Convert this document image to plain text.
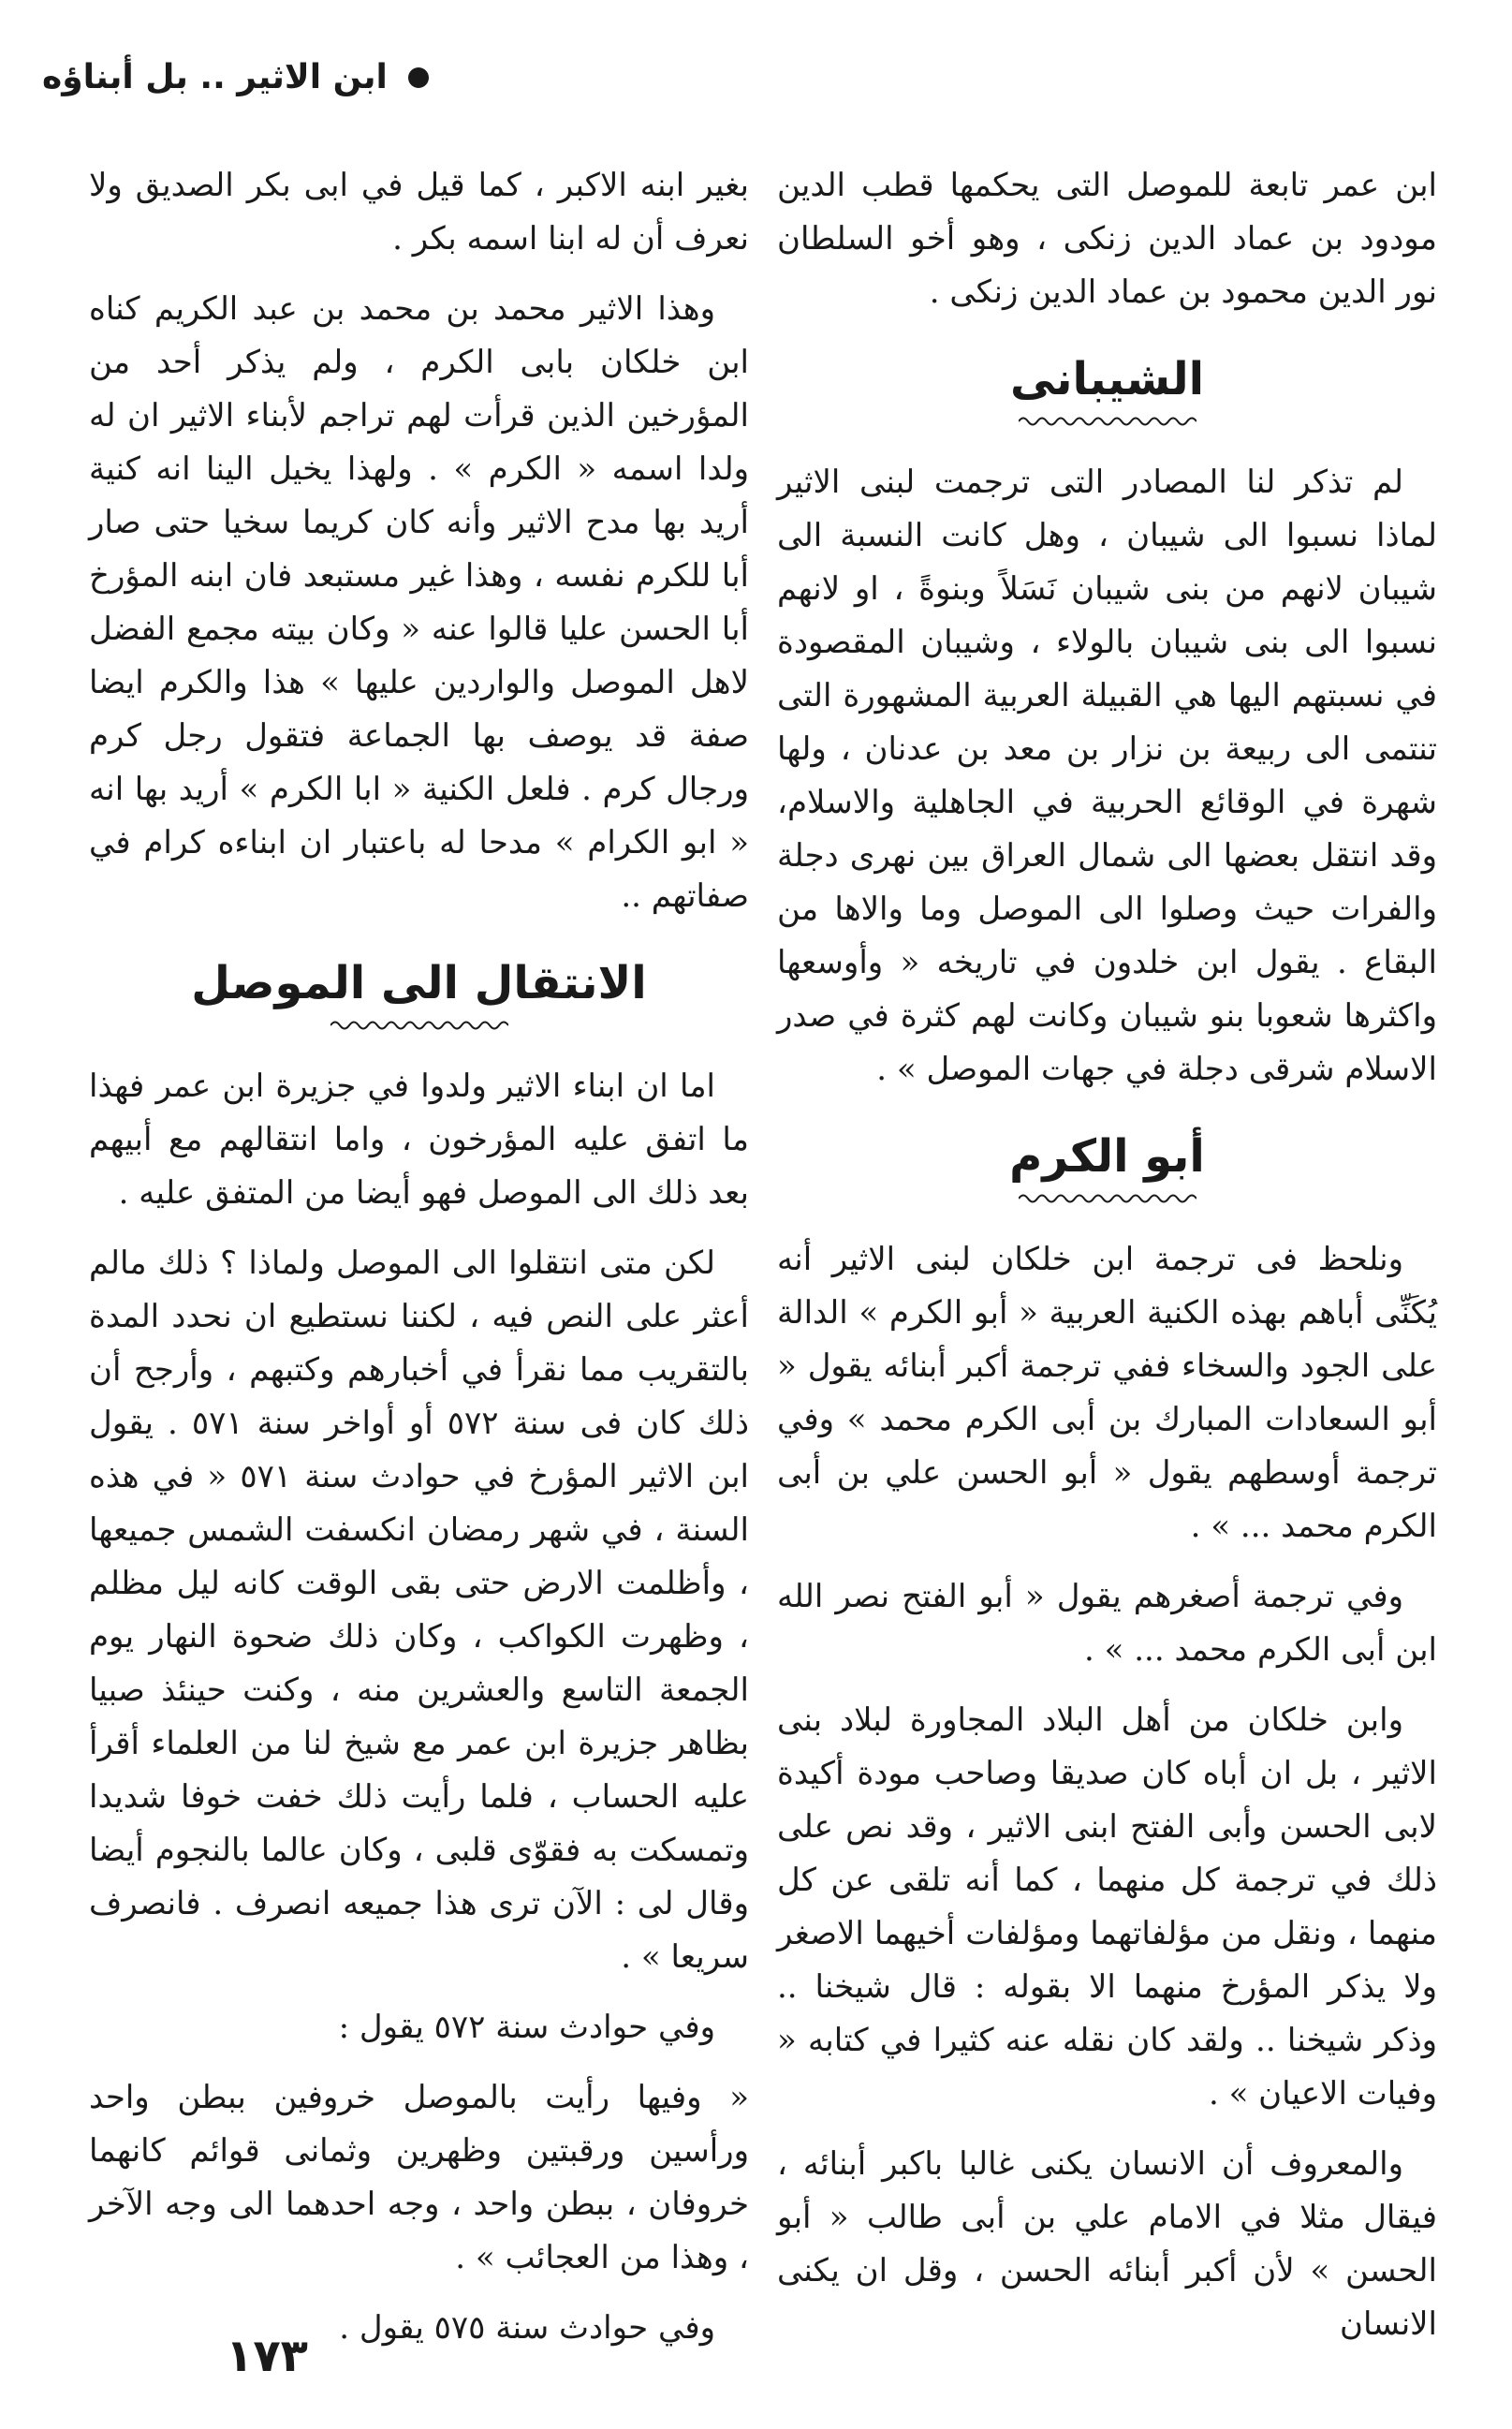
ابن الاثير .. بل أبناؤه

ابن عمر تابعة للموصل التى يحكمها قطب الدين مودود بن عماد الدين زنكى ، وهو أخو السلطان نور الدين محمود بن عماد الدين زنكى .

الشيبانى

لم تذكر لنا المصادر التى ترجمت لبنى الاثير لماذا نسبوا الى شيبان ، وهل كانت النسبة الى شيبان لانهم من بنى شيبان نَسَلاً وبنوةً ، او لانهم نسبوا الى بنى شيبان بالولاء ، وشيبان المقصودة في نسبتهم اليها هي القبيلة العربية المشهورة التى تنتمى الى ربيعة بن نزار بن معد بن عدنان ، ولها شهرة في الوقائع الحربية في الجاهلية والاسلام، وقد انتقل بعضها الى شمال العراق بين نهرى دجلة والفرات حيث وصلوا الى الموصل وما والاها من البقاع . يقول ابن خلدون في تاريخه « وأوسعها واكثرها شعوبا بنو شيبان وكانت لهم كثرة في صدر الاسلام شرقى دجلة في جهات الموصل » .

أبو الكرم

ونلحظ فى ترجمة ابن خلكان لبنى الاثير أنه يُكَنِّى أباهم بهذه الكنية العربية « أبو الكرم » الدالة على الجود والسخاء ففي ترجمة أكبر أبنائه يقول « أبو السعادات المبارك بن أبى الكرم محمد » وفي ترجمة أوسطهم يقول « أبو الحسن علي بن أبى الكرم محمد ... » .

وفي ترجمة أصغرهم يقول « أبو الفتح نصر الله ابن أبى الكرم محمد ... » .

وابن خلكان من أهل البلاد المجاورة لبلاد بنى الاثير ، بل ان أباه كان صديقا وصاحب مودة أكيدة لابى الحسن وأبى الفتح ابنى الاثير ، وقد نص على ذلك في ترجمة كل منهما ، كما أنه تلقى عن كل منهما ، ونقل من مؤلفاتهما ومؤلفات أخيهما الاصغر ولا يذكر المؤرخ منهما الا بقوله : قال شيخنا .. وذكر شيخنا .. ولقد كان نقله عنه كثيرا في كتابه « وفيات الاعيان » .

والمعروف أن الانسان يكنى غالبا باكبر أبنائه ، فيقال مثلا في الامام علي بن أبى طالب « أبو الحسن » لأن أكبر أبنائه الحسن ، وقل ان يكنى الانسان

بغير ابنه الاكبر ، كما قيل في ابى بكر الصديق ولا نعرف أن له ابنا اسمه بكر .

وهذا الاثير محمد بن محمد بن عبد الكريم كناه ابن خلكان بابى الكرم ، ولم يذكر أحد من المؤرخين الذين قرأت لهم تراجم لأبناء الاثير ان له ولدا اسمه « الكرم » . ولهذا يخيل الينا انه كنية أريد بها مدح الاثير وأنه كان كريما سخيا حتى صار أبا للكرم نفسه ، وهذا غير مستبعد فان ابنه المؤرخ أبا الحسن عليا قالوا عنه « وكان بيته مجمع الفضل لاهل الموصل والواردين عليها » هذا والكرم ايضا صفة قد يوصف بها الجماعة فتقول رجل كرم ورجال كرم . فلعل الكنية « ابا الكرم » أريد بها انه « ابو الكرام » مدحا له باعتبار ان ابناءه كرام في صفاتهم ..

الانتقال الى الموصل

اما ان ابناء الاثير ولدوا في جزيرة ابن عمر فهذا ما اتفق عليه المؤرخون ، واما انتقالهم مع أبيهم بعد ذلك الى الموصل فهو أيضا من المتفق عليه .

لكن متى انتقلوا الى الموصل ولماذا ؟ ذلك مالم أعثر على النص فيه ، لكننا نستطيع ان نحدد المدة بالتقريب مما نقرأ في أخبارهم وكتبهم ، وأرجح أن ذلك كان فى سنة ٥٧٢ أو أواخر سنة ٥٧١ . يقول ابن الاثير المؤرخ في حوادث سنة ٥٧١ « في هذه السنة ، في شهر رمضان انكسفت الشمس جميعها ، وأظلمت الارض حتى بقى الوقت كانه ليل مظلم ، وظهرت الكواكب ، وكان ذلك ضحوة النهار يوم الجمعة التاسع والعشرين منه ، وكنت حينئذ صبيا بظاهر جزيرة ابن عمر مع شيخ لنا من العلماء أقرأ عليه الحساب ، فلما رأيت ذلك خفت خوفا شديدا وتمسكت به فقوّى قلبى ، وكان عالما بالنجوم أيضا وقال لى : الآن ترى هذا جميعه انصرف . فانصرف سريعا » .

وفي حوادث سنة ٥٧٢ يقول :

« وفيها رأيت بالموصل خروفين ببطن واحد ورأسين ورقبتين وظهرين وثمانى قوائم كانهما خروفان ، ببطن واحد ، وجه احدهما الى وجه الآخر ، وهذا من العجائب » .

وفي حوادث سنة ٥٧٥ يقول .

١٧٣
